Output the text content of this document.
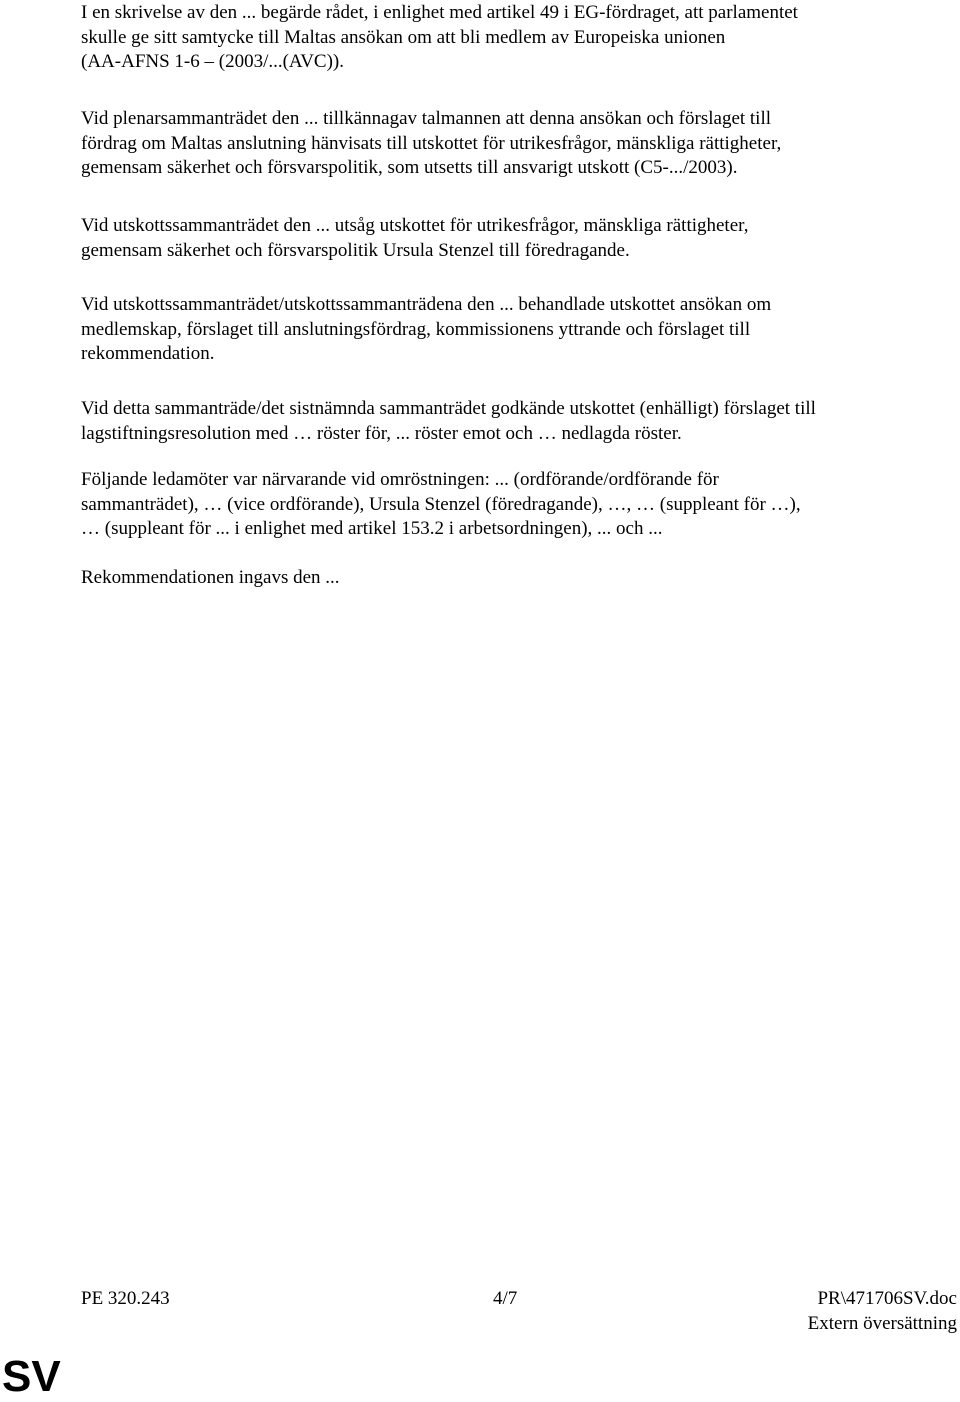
I en skrivelse av den ... begärde rådet, i enlighet med artikel 49 i EG-fördraget, att parlamentet
skulle ge sitt samtycke till Maltas ansökan om att bli medlem av Europeiska unionen
(AA-AFNS 1-6 – (2003/...(AVC)).

Vid plenarsammanträdet den ... tillkännagav talmannen att denna ansökan och förslaget till
fördrag om Maltas anslutning hänvisats till utskottet för utrikesfrågor, mänskliga rättigheter,
gemensam säkerhet och försvarspolitik, som utsetts till ansvarigt utskott (C5-.../2003).

Vid utskottssammanträdet den ... utsåg utskottet för utrikesfrågor, mänskliga rättigheter,
gemensam säkerhet och försvarspolitik Ursula Stenzel till föredragande.

Vid utskottssammanträdet/utskottssammanträdena den ... behandlade utskottet ansökan om
medlemskap, förslaget till anslutningsfördrag, kommissionens yttrande och förslaget till
rekommendation.

Vid detta sammanträde/det sistnämnda sammanträdet godkände utskottet (enhälligt) förslaget till
lagstiftningsresolution med … röster för, ... röster emot och … nedlagda röster.

Följande ledamöter var närvarande vid omröstningen: ... (ordförande/ordförande för
sammanträdet), … (vice ordförande), Ursula Stenzel (föredragande), …, … (suppleant för …),
… (suppleant för ... i enlighet med artikel 153.2 i arbetsordningen), ... och ...

Rekommendationen ingavs den ...

PE 320.243	4/7	PR\471706SV.doc
Extern översättning
SV
